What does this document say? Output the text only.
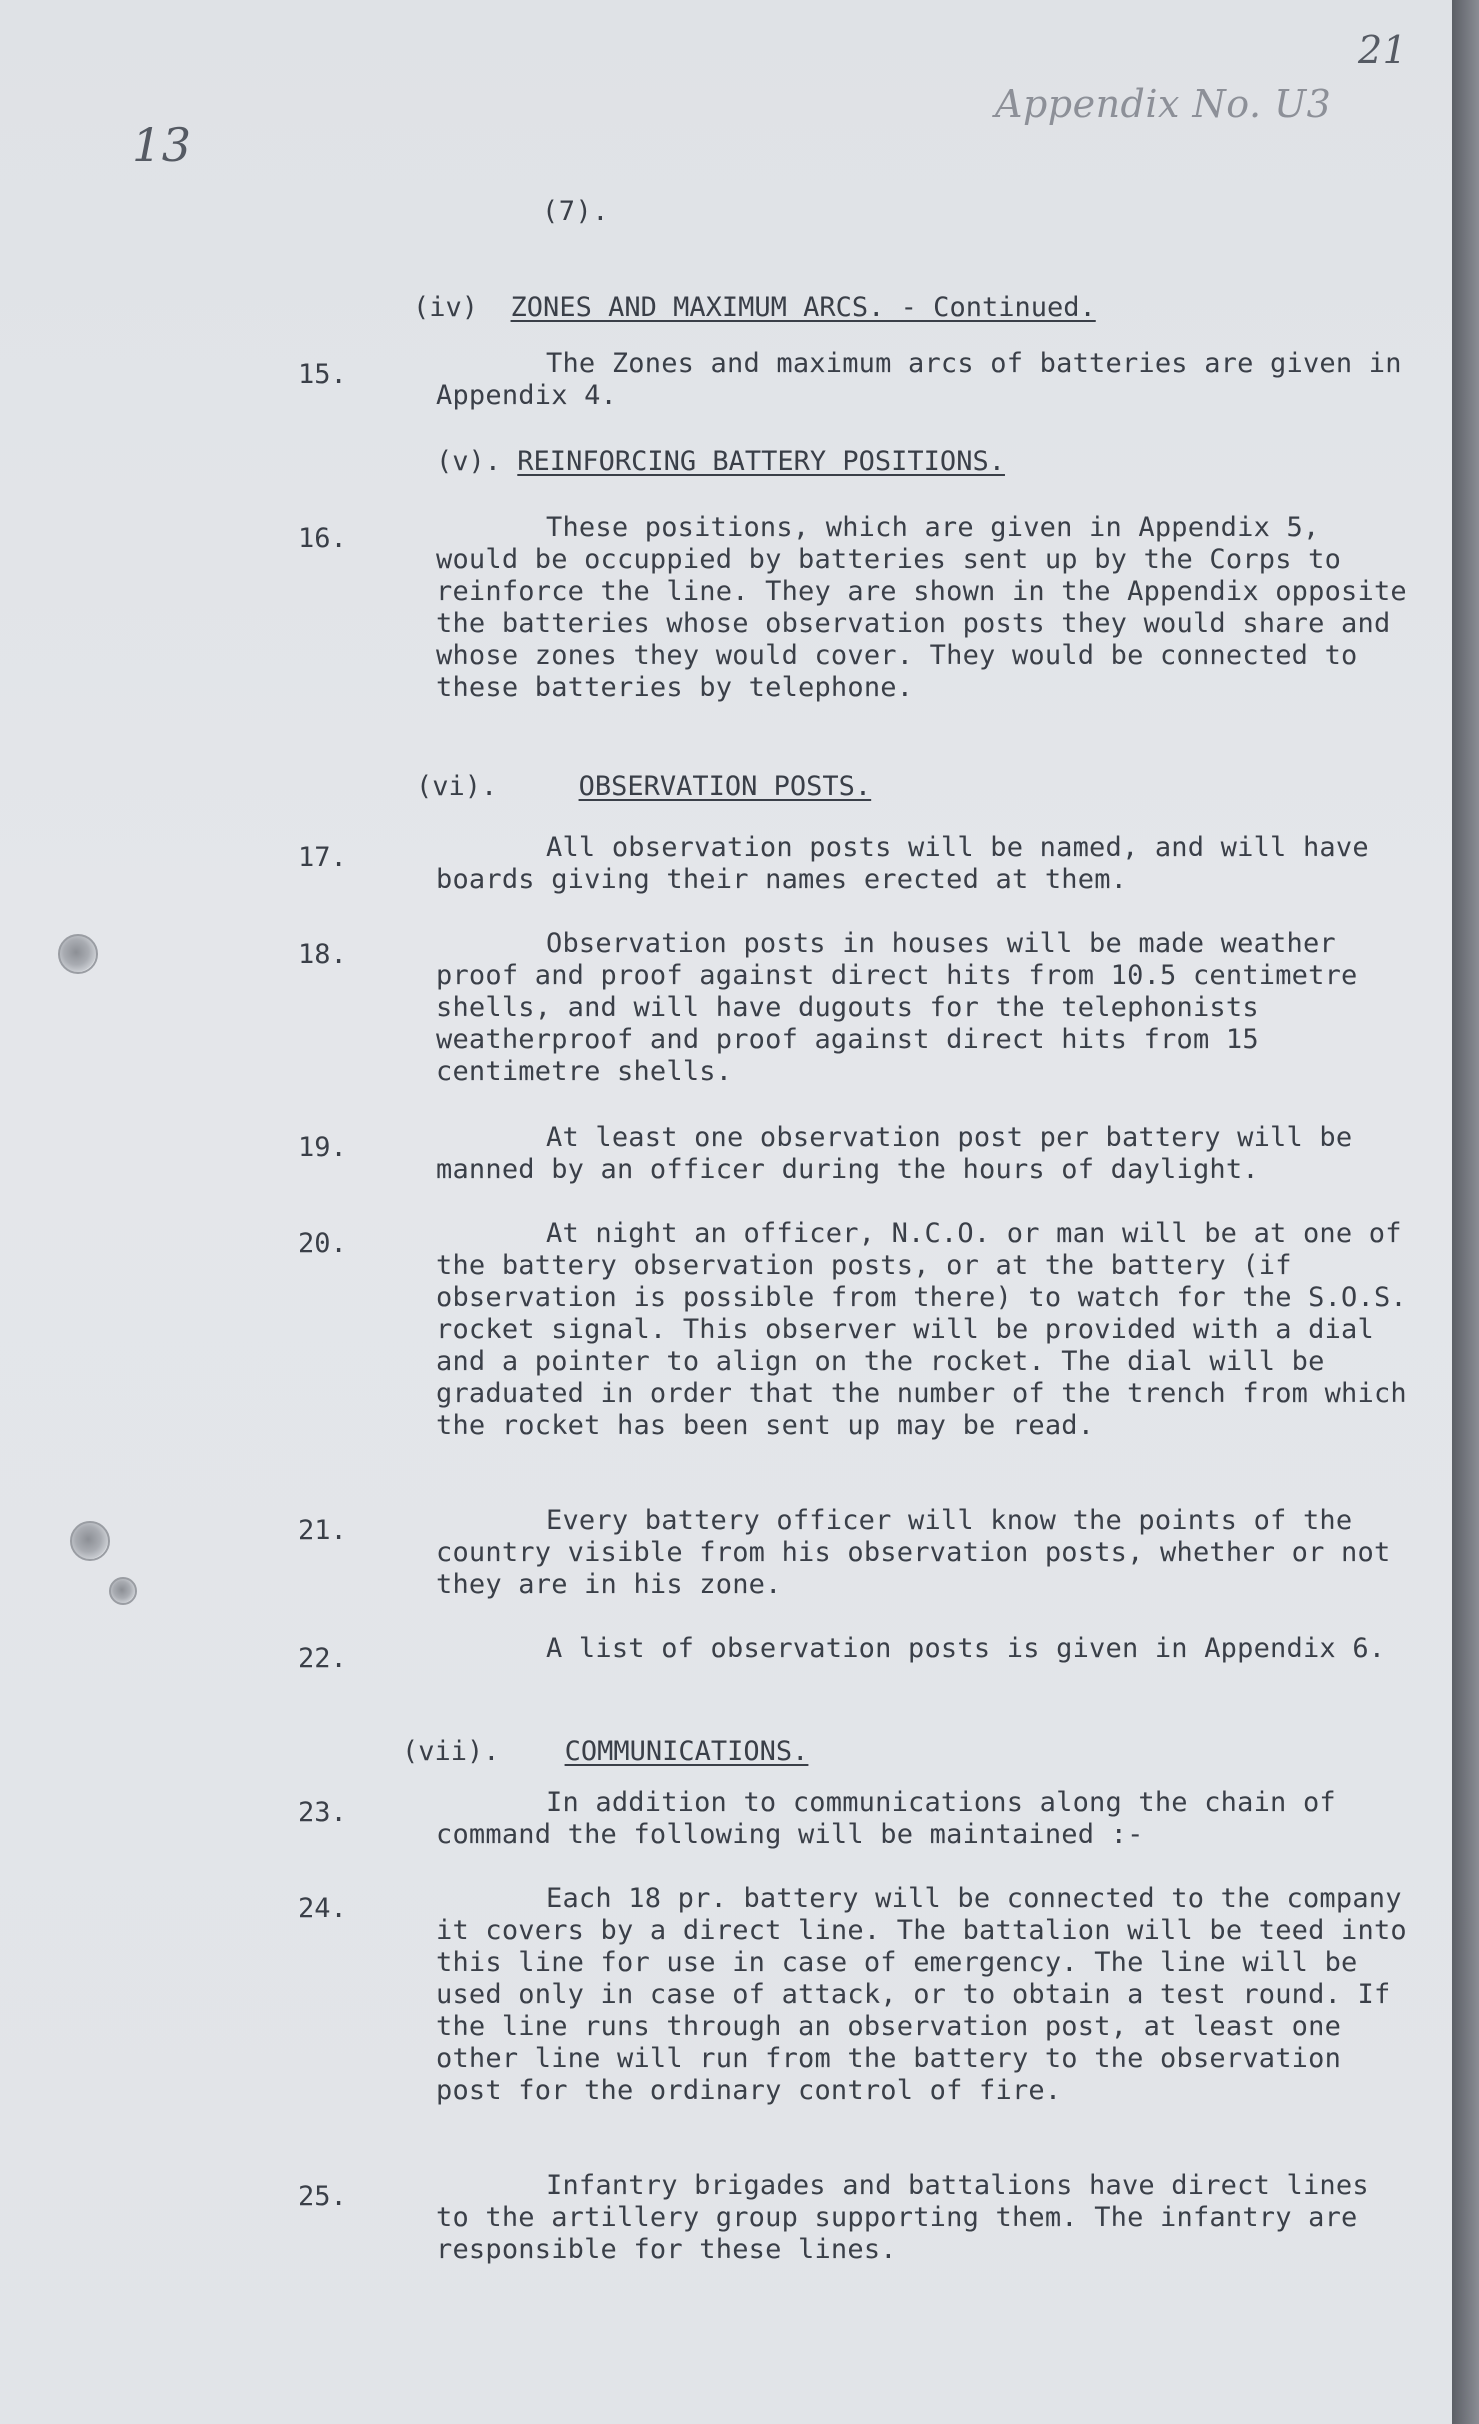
21
13
Appendix No. U3
(7).
(iv) ZONES AND MAXIMUM ARCS. - Continued.
15.	The Zones and maximum arcs of batteries are given in Appendix 4.
(v). REINFORCING BATTERY POSITIONS.
16.	These positions, which are given in Appendix 5, would be occuppied by batteries sent up by the Corps to reinforce the line. They are shown in the Appendix opposite the batteries whose observation posts they would share and whose zones they would cover. They would be connected to these batteries by telephone.
(vi).	OBSERVATION POSTS.
17.	All observation posts will be named, and will have boards giving their names erected at them.
18.	Observation posts in houses will be made weather proof and proof against direct hits from 10.5 centimetre shells, and will have dugouts for the telephonists weatherproof and proof against direct hits from 15 centimetre shells.
19.	At least one observation post per battery will be manned by an officer during the hours of daylight.
20.	At night an officer, N.C.O. or man will be at one of the battery observation posts, or at the battery (if observation is possible from there) to watch for the S.O.S. rocket signal. This observer will be provided with a dial and a pointer to align on the rocket. The dial will be graduated in order that the number of the trench from which the rocket has been sent up may be read.
21.	Every battery officer will know the points of the country visible from his observation posts, whether or not they are in his zone.
22.	A list of observation posts is given in Appendix 6.
(vii). COMMUNICATIONS.
23.	In addition to communications along the chain of command the following will be maintained :-
24.	Each 18 pr. battery will be connected to the company it covers by a direct line. The battalion will be teed into this line for use in case of emergency. The line will be used only in case of attack, or to obtain a test round. If the line runs through an observation post, at least one other line will run from the battery to the observation post for the ordinary control of fire.
25.	Infantry brigades and battalions have direct lines to the artillery group supporting them. The infantry are responsible for these lines.
